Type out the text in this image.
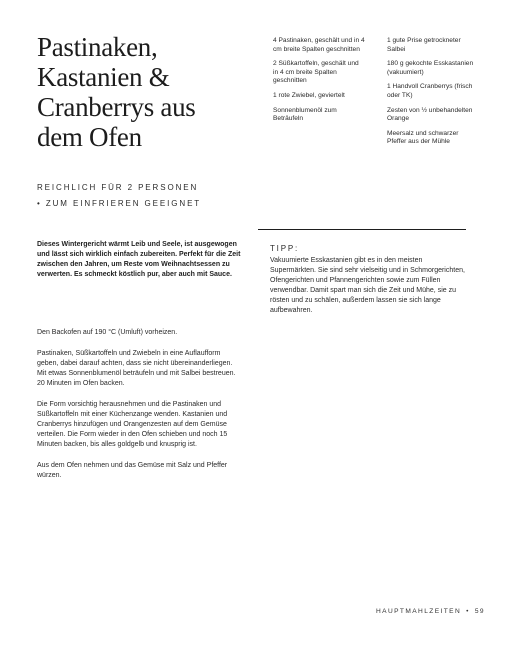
Pastinaken,
Kastanien &
Cranberrys aus
dem Ofen
REICHLICH FÜR 2 PERSONEN
• ZUM EINFRIEREN GEEIGNET

4 Pastinaken, geschält und in 4 cm breite Spalten geschnitten

2 Süßkartoffeln, geschält und in 4 cm breite Spalten geschnitten

1 rote Zwiebel, geviertelt

Sonnenblumenöl zum Beträufeln

1 gute Prise getrockneter Salbei

180 g gekochte Esskastanien (vakuumiert)

1 Handvoll Cranberrys (frisch oder TK)

Zesten von ½ unbehandelten Orange

Meersalz und schwarzer Pfeffer aus der Mühle

Dieses Wintergericht wärmt Leib und Seele, ist ausgewogen und lässt sich wirklich einfach zubereiten. Perfekt für die Zeit zwischen den Jahren, um Reste vom Weihnachtsessen zu verwerten. Es schmeckt köstlich pur, aber auch mit Sauce.

Den Backofen auf 190 °C (Umluft) vorheizen.

Pastinaken, Süßkartoffeln und Zwiebeln in eine Auflaufform geben, dabei darauf achten, dass sie nicht übereinanderliegen. Mit etwas Sonnenblumenöl beträufeln und mit Salbei bestreuen. 20 Minuten im Ofen backen.

Die Form vorsichtig herausnehmen und die Pastinaken und Süßkartoffeln mit einer Küchenzange wenden. Kastanien und Cranberrys hinzufügen und Orangenzesten auf dem Gemüse verteilen. Die Form wieder in den Ofen schieben und noch 15 Minuten backen, bis alles goldgelb und knusprig ist.

Aus dem Ofen nehmen und das Gemüse mit Salz und Pfeffer würzen.

TIPP:

Vakuumierte Esskastanien gibt es in den meisten Supermärkten. Sie sind sehr vielseitig und in Schmorgerichten, Ofengerichten und Pfannengerichten sowie zum Füllen verwendbar. Damit spart man sich die Zeit und Mühe, sie zu rösten und zu schälen, außerdem lassen sie sich lange aufbewahren.

HAUPTMAHLZEITEN • 59
